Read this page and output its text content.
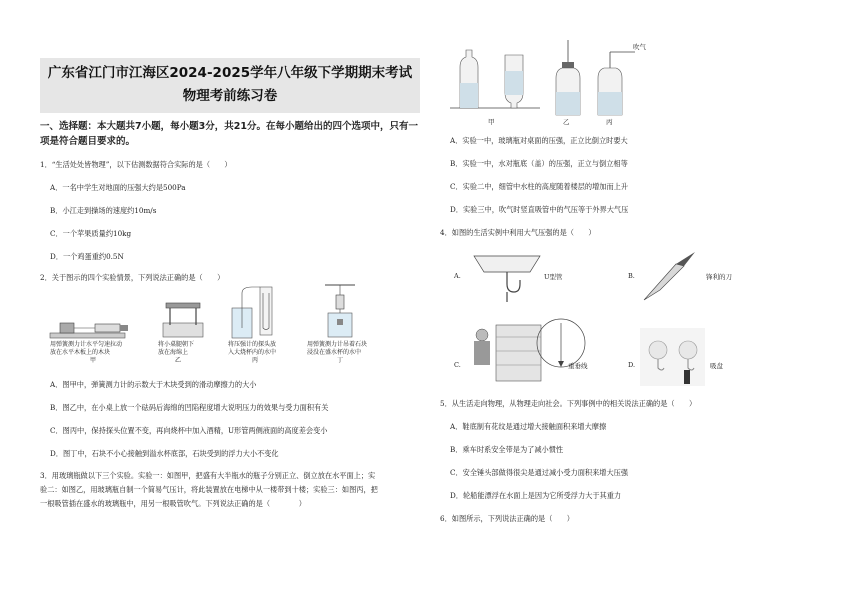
广东省江门市江海区2024-2025学年八年级下学期期末考试物理考前练习卷
一、选择题：本大题共7小题，每小题3分，共21分。在每小题给出的四个选项中，只有一项是符合题目要求的。

1．“生活处处皆物理”，以下估测数据符合实际的是（　　）

A．一名中学生对地面的压强大约是500Pa
B．小江走到操场的速度约10m/s
C．一个苹果质量约10kg
D．一个鸡蛋重约0.5N

2．关于图示的四个实验情景，下列说法正确的是（　　）

用弹簧测力计水平匀速拉动
放在水平木板上的木块
甲
将小桌腿朝下
放在海绵上
乙
将压强计的探头放
入大烧杯内的水中
丙
用弹簧测力计吊着石块
浸没在盛水杯的水中
丁
A．图甲中，弹簧测力计的示数大于木块受到的滑动摩擦力的大小
B．图乙中，在小桌上放一个砝码后海绵的凹陷程度增大说明压力的效果与受力面积有关
C．图丙中，保持探头位置不变，再向烧杯中加入酒精，U形管两侧液面的高度差会变小
D．图丁中，石块不小心接触到溢水杯底部，石块受到的浮力大小不变化

3．用玻璃瓶做以下三个实验。实验一：如图甲，把盛有大半瓶水的瓶子分别正立、倒立放在水平面上；实

验二：如图乙，用玻璃瓶自制一个简易气压计，将此装置放在电梯中从一楼带到十楼；实验三：如图丙，把

一根吸管插在盛水的玻璃瓶中，用另一根吸管吹气。下列说法正确的是（　　　　）

甲	乙
吹气
丙
A．实验一中，玻璃瓶对桌面的压强，正立比倒立时要大
B．实验一中，水对瓶底（盖）的压强，正立与倒立相等
C．实验二中，细管中水柱的高度随着楼层的增加而上升
D．实验三中，吹气时竖直吸管中的气压等于外界大气压

4．如图的生活实例中利用大气压强的是（　　）

A.	U型管	B.	锋利的刀
C.	重垂线	D.	吸盘

5．从生活走向物理，从物理走向社会。下列事例中的相关说法正确的是（　　）

A．鞋底制有花纹是通过增大接触面积来增大摩擦
B．乘车时系安全带是为了减小惯性
C．安全锤头部做得很尖是通过减小受力面积来增大压强
D．轮船能漂浮在水面上是因为它所受浮力大于其重力

6．如图所示，下列说法正确的是（　　）
